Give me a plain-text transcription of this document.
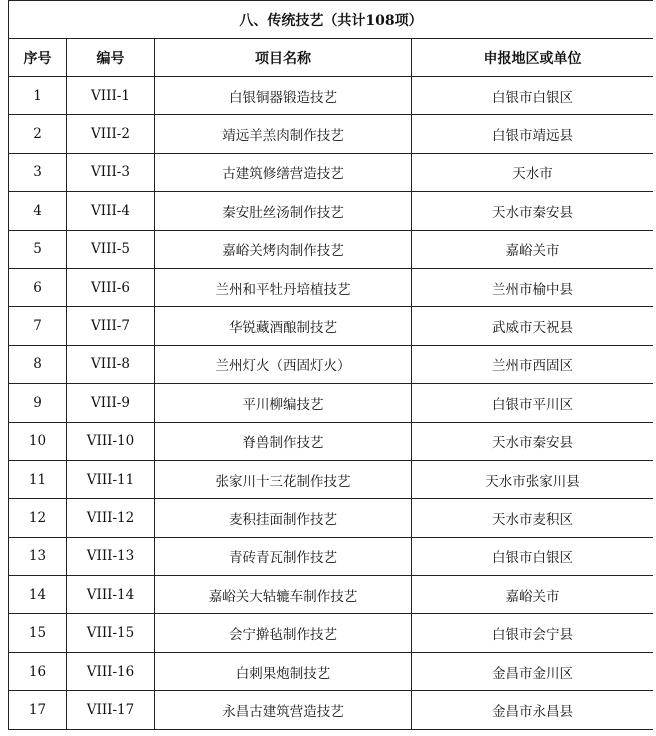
八、传统技艺（共计108项）			
序号	编号	项目名称	申报地区或单位
1	VIII-1	白银铜器锻造技艺	白银市白银区
2	VIII-2	靖远羊羔肉制作技艺	白银市靖远县
3	VIII-3	古建筑修缮营造技艺	天水市
4	VIII-4	秦安肚丝汤制作技艺	天水市秦安县
5	VIII-5	嘉峪关烤肉制作技艺	嘉峪关市
6	VIII-6	兰州和平牡丹培植技艺	兰州市榆中县
7	VIII-7	华锐藏酒酿制技艺	武威市天祝县
8	VIII-8	兰州灯火（西固灯火）	兰州市西固区
9	VIII-9	平川柳编技艺	白银市平川区
10	VIII-10	脊兽制作技艺	天水市秦安县
11	VIII-11	张家川十三花制作技艺	天水市张家川县
12	VIII-12	麦积挂面制作技艺	天水市麦积区
13	VIII-13	青砖青瓦制作技艺	白银市白银区
14	VIII-14	嘉峪关大轱辘车制作技艺	嘉峪关市
15	VIII-15	会宁擀毡制作技艺	白银市会宁县
16	VIII-16	白刺果炮制技艺	金昌市金川区
17	VIII-17	永昌古建筑营造技艺	金昌市永昌县
